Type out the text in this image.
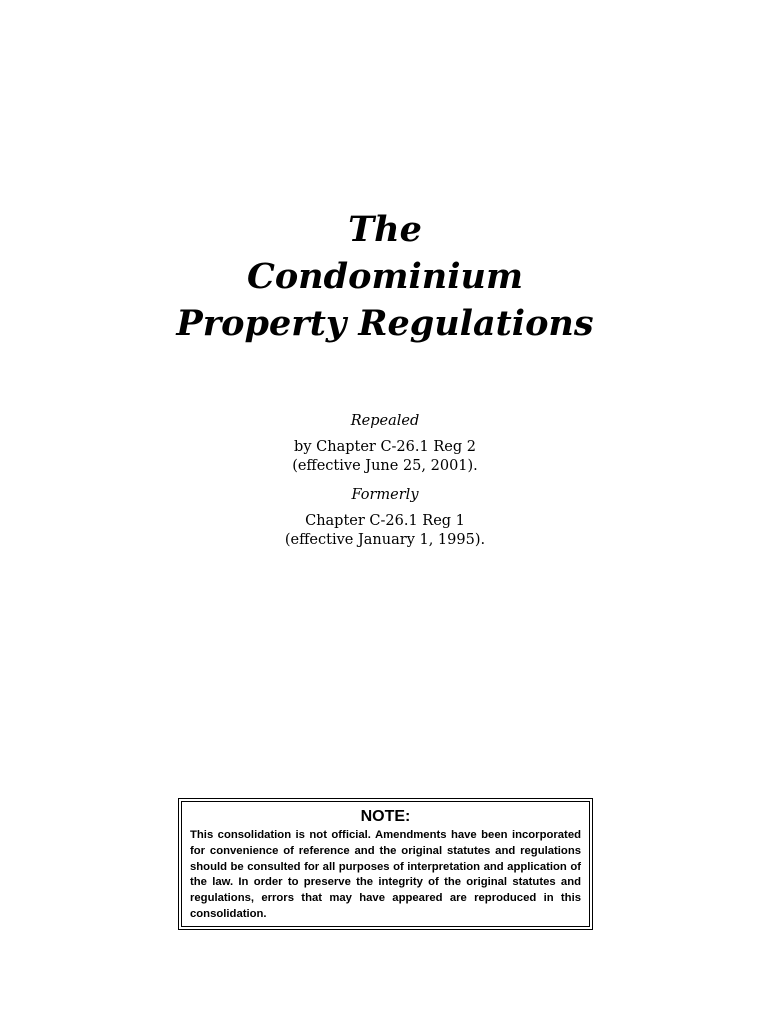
The
Condominium
Property Regulations
Repealed
by Chapter C-26.1 Reg 2
(effective June 25, 2001).
Formerly
Chapter C-26.1 Reg 1
(effective January 1, 1995).
NOTE:
This consolidation is not official. Amendments have been incorporated for convenience of reference and the original statutes and regulations should be consulted for all purposes of interpretation and application of the law. In order to preserve the integrity of the original statutes and regulations, errors that may have appeared are reproduced in this consolidation.
